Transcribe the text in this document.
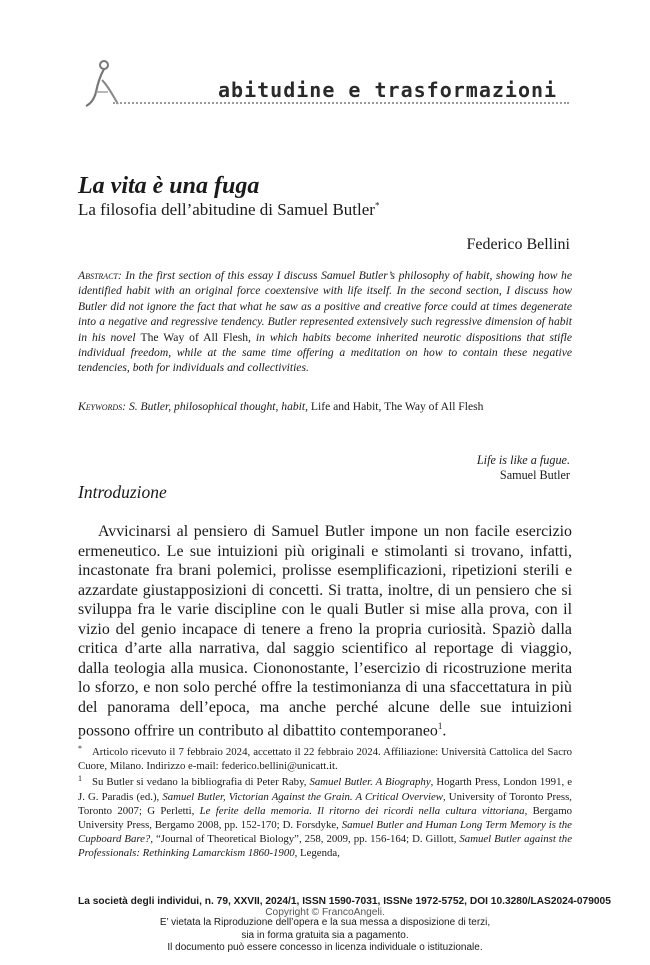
abitudine e trasformazioni
La vita è una fuga
La filosofia dell’abitudine di Samuel Butler*
Federico Bellini
Abstract: In the first section of this essay I discuss Samuel Butler’s philosophy of habit, showing how he identified habit with an original force coextensive with life itself. In the second section, I discuss how Butler did not ignore the fact that what he saw as a positive and creative force could at times degenerate into a negative and regressive tendency. Butler represented extensively such regressive dimension of habit in his novel The Way of All Flesh, in which habits become inherited neurotic dispositions that stifle individual freedom, while at the same time offering a meditation on how to contain these negative tendencies, both for individuals and collectivities.
Keywords: S. Butler, philosophical thought, habit, Life and Habit, The Way of All Flesh
Life is like a fugue.
Samuel Butler
Introduzione

Avvicinarsi al pensiero di Samuel Butler impone un non facile esercizio ermeneutico. Le sue intuizioni più originali e stimolanti si trovano, infatti, incastonate fra brani polemici, prolisse esemplificazioni, ripetizioni sterili e azzardate giustapposizioni di concetti. Si tratta, inoltre, di un pensiero che si sviluppa fra le varie discipline con le quali Butler si mise alla prova, con il vizio del genio incapace di tenere a freno la propria curiosità. Spaziò dalla critica d’arte alla narrativa, dal saggio scientifico al reportage di viaggio, dalla teologia alla musica. Ciononostante, l’esercizio di ricostruzione merita lo sforzo, e non solo perché offre la testimonianza di una sfaccettatura in più del panorama dell’epoca, ma anche perché alcune delle sue intuizioni possono offrire un contributo al dibattito contemporaneo$^1$.

* Articolo ricevuto il 7 febbraio 2024, accettato il 22 febbraio 2024. Affiliazione: Università Cattolica del Sacro Cuore, Milano. Indirizzo e-mail: federico.bellini@unicatt.it.

1 Su Butler si vedano la bibliografia di Peter Raby, Samuel Butler. A Biography, Hogarth Press, London 1991, e J. G. Paradis (ed.), Samuel Butler, Victorian Against the Grain. A Critical Overview, University of Toronto Press, Toronto 2007; G Perletti, Le ferite della memoria. Il ritorno dei ricordi nella cultura vittoriana, Bergamo University Press, Bergamo 2008, pp. 152-170; D. Forsdyke, Samuel Butler and Human Long Term Memory is the Cupboard Bare?, “Journal of Theoretical Biology”, 258, 2009, pp. 156-164; D. Gillott, Samuel Butler against the Professionals: Rethinking Lamarckism 1860-1900, Legenda,

La società degli individui, n. 79, XXVII, 2024/1, ISSN 1590-7031, ISSNe 1972-5752, DOI 10.3280/LAS2024-079005
Copyright © FrancoAngeli.
E’ vietata la Riproduzione dell’opera e la sua messa a disposizione di terzi,
sia in forma gratuita sia a pagamento.
Il documento può essere concesso in licenza individuale o istituzionale.
